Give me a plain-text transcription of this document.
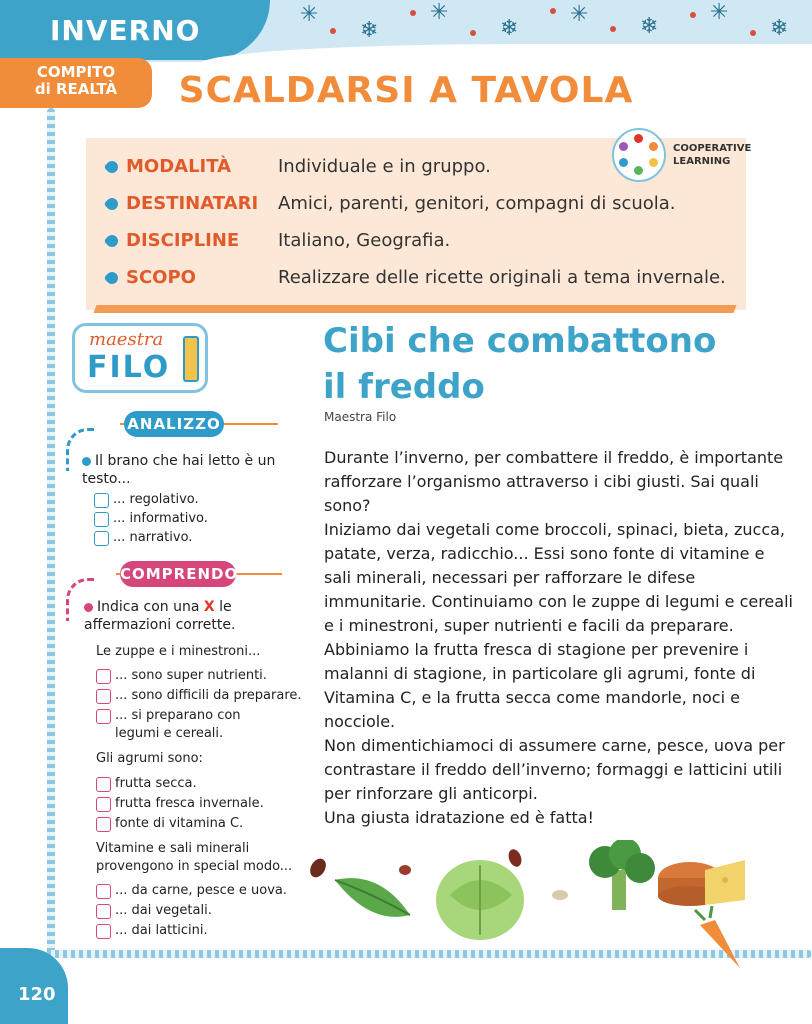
✳
❄
✳
❄
✳ ❄
✳
❄
INVERNO
COMPITO
di REALTÀ	SCALDARSI A TAVOLA
MODALITÀ	Individuale e in gruppo.
DESTINATARI	Amici, parenti, genitori, compagni di scuola.
DISCIPLINE	Italiano, Geografia.
SCOPO	Realizzare delle ricette originali a tema invernale.
COOPERATIVE
LEARNING
maestra
FILO
ANALIZZO
Il brano che hai letto è un testo...
... regolativo.
... informativo.
... narrativo.
COMPRENDO
Indica con una X le affermazioni corrette.
Le zuppe e i minestroni...
... sono super nutrienti.
... sono difficili da preparare.
... si preparano con legumi e cereali.
Gli agrumi sono:
frutta secca.
frutta fresca invernale.
fonte di vitamina C.
Vitamine e sali minerali provengono in special modo...
... da carne, pesce e uova.
... dai vegetali.
... dai latticini.
Cibi che combattono
il freddo
Maestra Filo

Durante l’inverno, per combattere il freddo, è importante rafforzare l’organismo attraverso i cibi giusti. Sai quali sono?

Iniziamo dai vegetali come broccoli, spinaci, bieta, zucca, patate, verza, radicchio... Essi sono fonte di vitamine e sali minerali, necessari per rafforzare le difese immunitarie. Continuiamo con le zuppe di legumi e cereali e i minestroni, super nutrienti e facili da preparare. Abbiniamo la frutta fresca di stagione per prevenire i malanni di stagione, in particolare gli agrumi, fonte di Vitamina C, e la frutta secca come mandorle, noci e nocciole.

Non dimentichiamoci di assumere carne, pesce, uova per contrastare il freddo dell’inverno; formaggi e latticini utili per rinforzare gli anticorpi.

Una giusta idratazione ed è fatta!

120
